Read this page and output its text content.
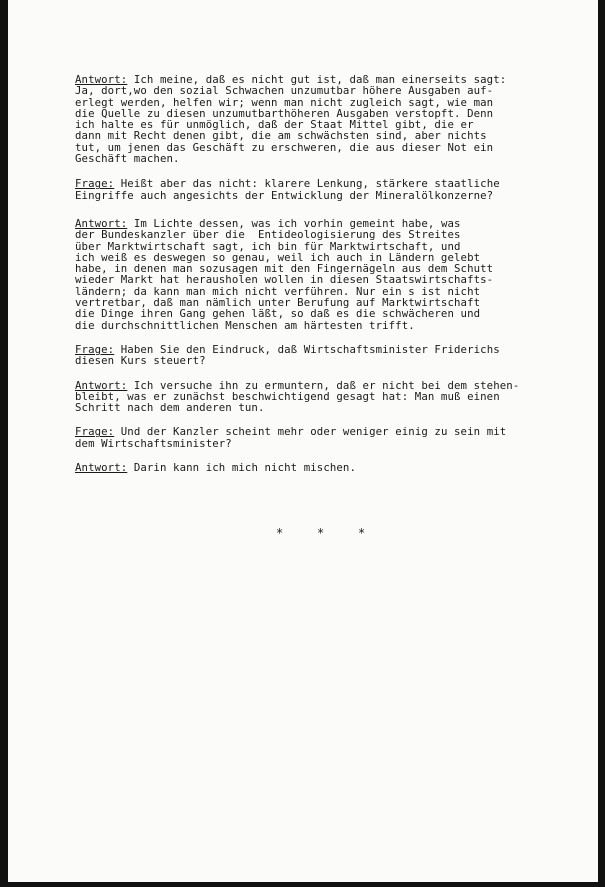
Antwort: Ich meine, daß es nicht gut ist, daß man einerseits sagt:
Ja, dort,wo den sozial Schwachen unzumutbar höhere Ausgaben auf-
erlegt werden, helfen wir; wenn man nicht zugleich sagt, wie man
die Quelle zu diesen unzumutbarthöheren Ausgaben verstopft. Denn
ich halte es für unmöglich, daß der Staat Mittel gibt, die er
dann mit Recht denen gibt, die am schwächsten sind, aber nichts
tut, um jenen das Geschäft zu erschweren, die aus dieser Not ein
Geschäft machen.
Frage: Heißt aber das nicht: klarere Lenkung, stärkere staatliche
Eingriffe auch angesichts der Entwicklung der Mineralölkonzerne?
Antwort: Im Lichte dessen, was ich vorhin gemeint habe, was
der Bundeskanzler über die  Entideologisierung des Streites
über Marktwirtschaft sagt, ich bin für Marktwirtschaft, und
ich weiß es deswegen so genau, weil ich auch in Ländern gelebt
habe, in denen man sozusagen mit den Fingernägeln aus dem Schutt
wieder Markt hat herausholen wollen in diesen Staatswirtschafts-
ländern; da kann man mich nicht verführen. Nur ein s ist nicht
vertretbar, daß man nämlich unter Berufung auf Marktwirtschaft
die Dinge ihren Gang gehen läßt, so daß es die schwächeren und
die durchschnittlichen Menschen am härtesten trifft.
Frage: Haben Sie den Eindruck, daß Wirtschaftsminister Friderichs
diesen Kurs steuert?
Antwort: Ich versuche ihn zu ermuntern, daß er nicht bei dem stehen-
bleibt, was er zunächst beschwichtigend gesagt hat: Man muß einen
Schritt nach dem anderen tun.
Frage: Und der Kanzler scheint mehr oder weniger einig zu sein mit
dem Wirtschaftsminister?
Antwort: Darin kann ich mich nicht mischen.
*	*	*
